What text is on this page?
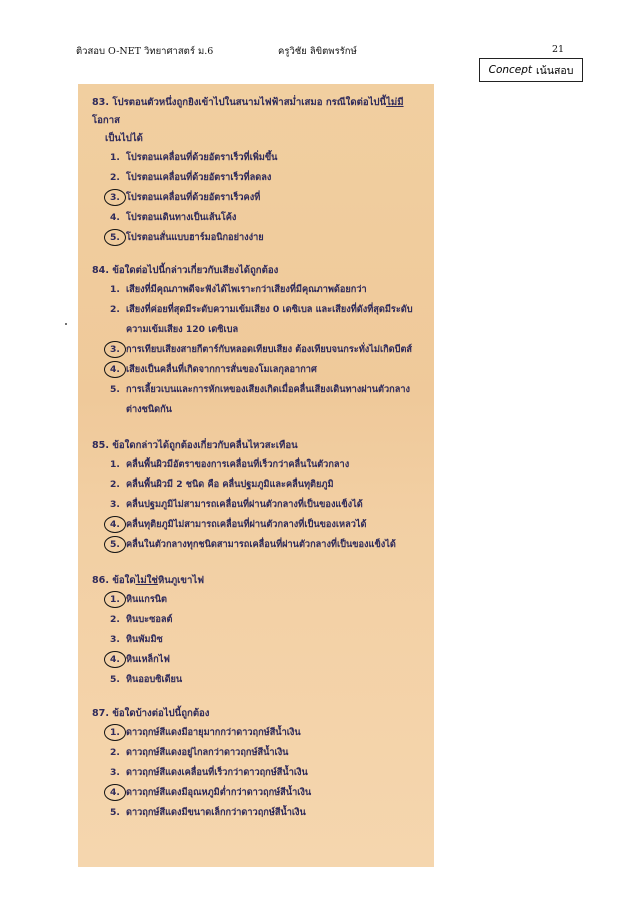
ติวสอบ O-NET วิทยาศาสตร์ ม.6	ครูวิชัย ลิขิตพรรักษ์	21
Concept เน้นสอบ
83. โปรตอนตัวหนึ่งถูกยิงเข้าไปในสนามไฟฟ้าสม่ำเสมอ กรณีใดต่อไปนี้ไม่มีโอกาส
เป็นไปได้
1. โปรตอนเคลื่อนที่ด้วยอัตราเร็วที่เพิ่มขึ้น
2. โปรตอนเคลื่อนที่ด้วยอัตราเร็วที่ลดลง
3. โปรตอนเคลื่อนที่ด้วยอัตราเร็วคงที่
4. โปรตอนเดินทางเป็นเส้นโค้ง
5. โปรตอนสั่นแบบฮาร์มอนิกอย่างง่าย
84. ข้อใดต่อไปนี้กล่าวเกี่ยวกับเสียงได้ถูกต้อง
1. เสียงที่มีคุณภาพดีจะฟังได้ไพเราะกว่าเสียงที่มีคุณภาพด้อยกว่า
2. เสียงที่ค่อยที่สุดมีระดับความเข้มเสียง 0 เดซิเบล และเสียงที่ดังที่สุดมีระดับ
ความเข้มเสียง 120 เดซิเบล
3. การเทียบเสียงสายกีตาร์กับหลอดเทียบเสียง ต้องเทียบจนกระทั่งไม่เกิดบีตส์
4. เสียงเป็นคลื่นที่เกิดจากการสั่นของโมเลกุลอากาศ
5. การเลี้ยวเบนและการหักเหของเสียงเกิดเมื่อคลื่นเสียงเดินทางผ่านตัวกลาง
ต่างชนิดกัน
85. ข้อใดกล่าวได้ถูกต้องเกี่ยวกับคลื่นไหวสะเทือน
1. คลื่นพื้นผิวมีอัตราของการเคลื่อนที่เร็วกว่าคลื่นในตัวกลาง
2. คลื่นพื้นผิวมี 2 ชนิด คือ คลื่นปฐมภูมิและคลื่นทุติยภูมิ
3. คลื่นปฐมภูมิไม่สามารถเคลื่อนที่ผ่านตัวกลางที่เป็นของแข็งได้
4. คลื่นทุติยภูมิไม่สามารถเคลื่อนที่ผ่านตัวกลางที่เป็นของเหลวได้
5. คลื่นในตัวกลางทุกชนิดสามารถเคลื่อนที่ผ่านตัวกลางที่เป็นของแข็งได้
86. ข้อใดไม่ใช่หินภูเขาไฟ
1. หินแกรนิต
2. หินบะซอลต์
3. หินพัมมิซ
4. หินเหล็กไฟ
5. หินออบซิเดียน
87. ข้อใดบ้างต่อไปนี้ถูกต้อง
1. ดาวฤกษ์สีแดงมีอายุมากกว่าดาวฤกษ์สีน้ำเงิน
2. ดาวฤกษ์สีแดงอยู่ไกลกว่าดาวฤกษ์สีน้ำเงิน
3. ดาวฤกษ์สีแดงเคลื่อนที่เร็วกว่าดาวฤกษ์สีน้ำเงิน
4. ดาวฤกษ์สีแดงมีอุณหภูมิต่ำกว่าดาวฤกษ์สีน้ำเงิน
5. ดาวฤกษ์สีแดงมีขนาดเล็กกว่าดาวฤกษ์สีน้ำเงิน
